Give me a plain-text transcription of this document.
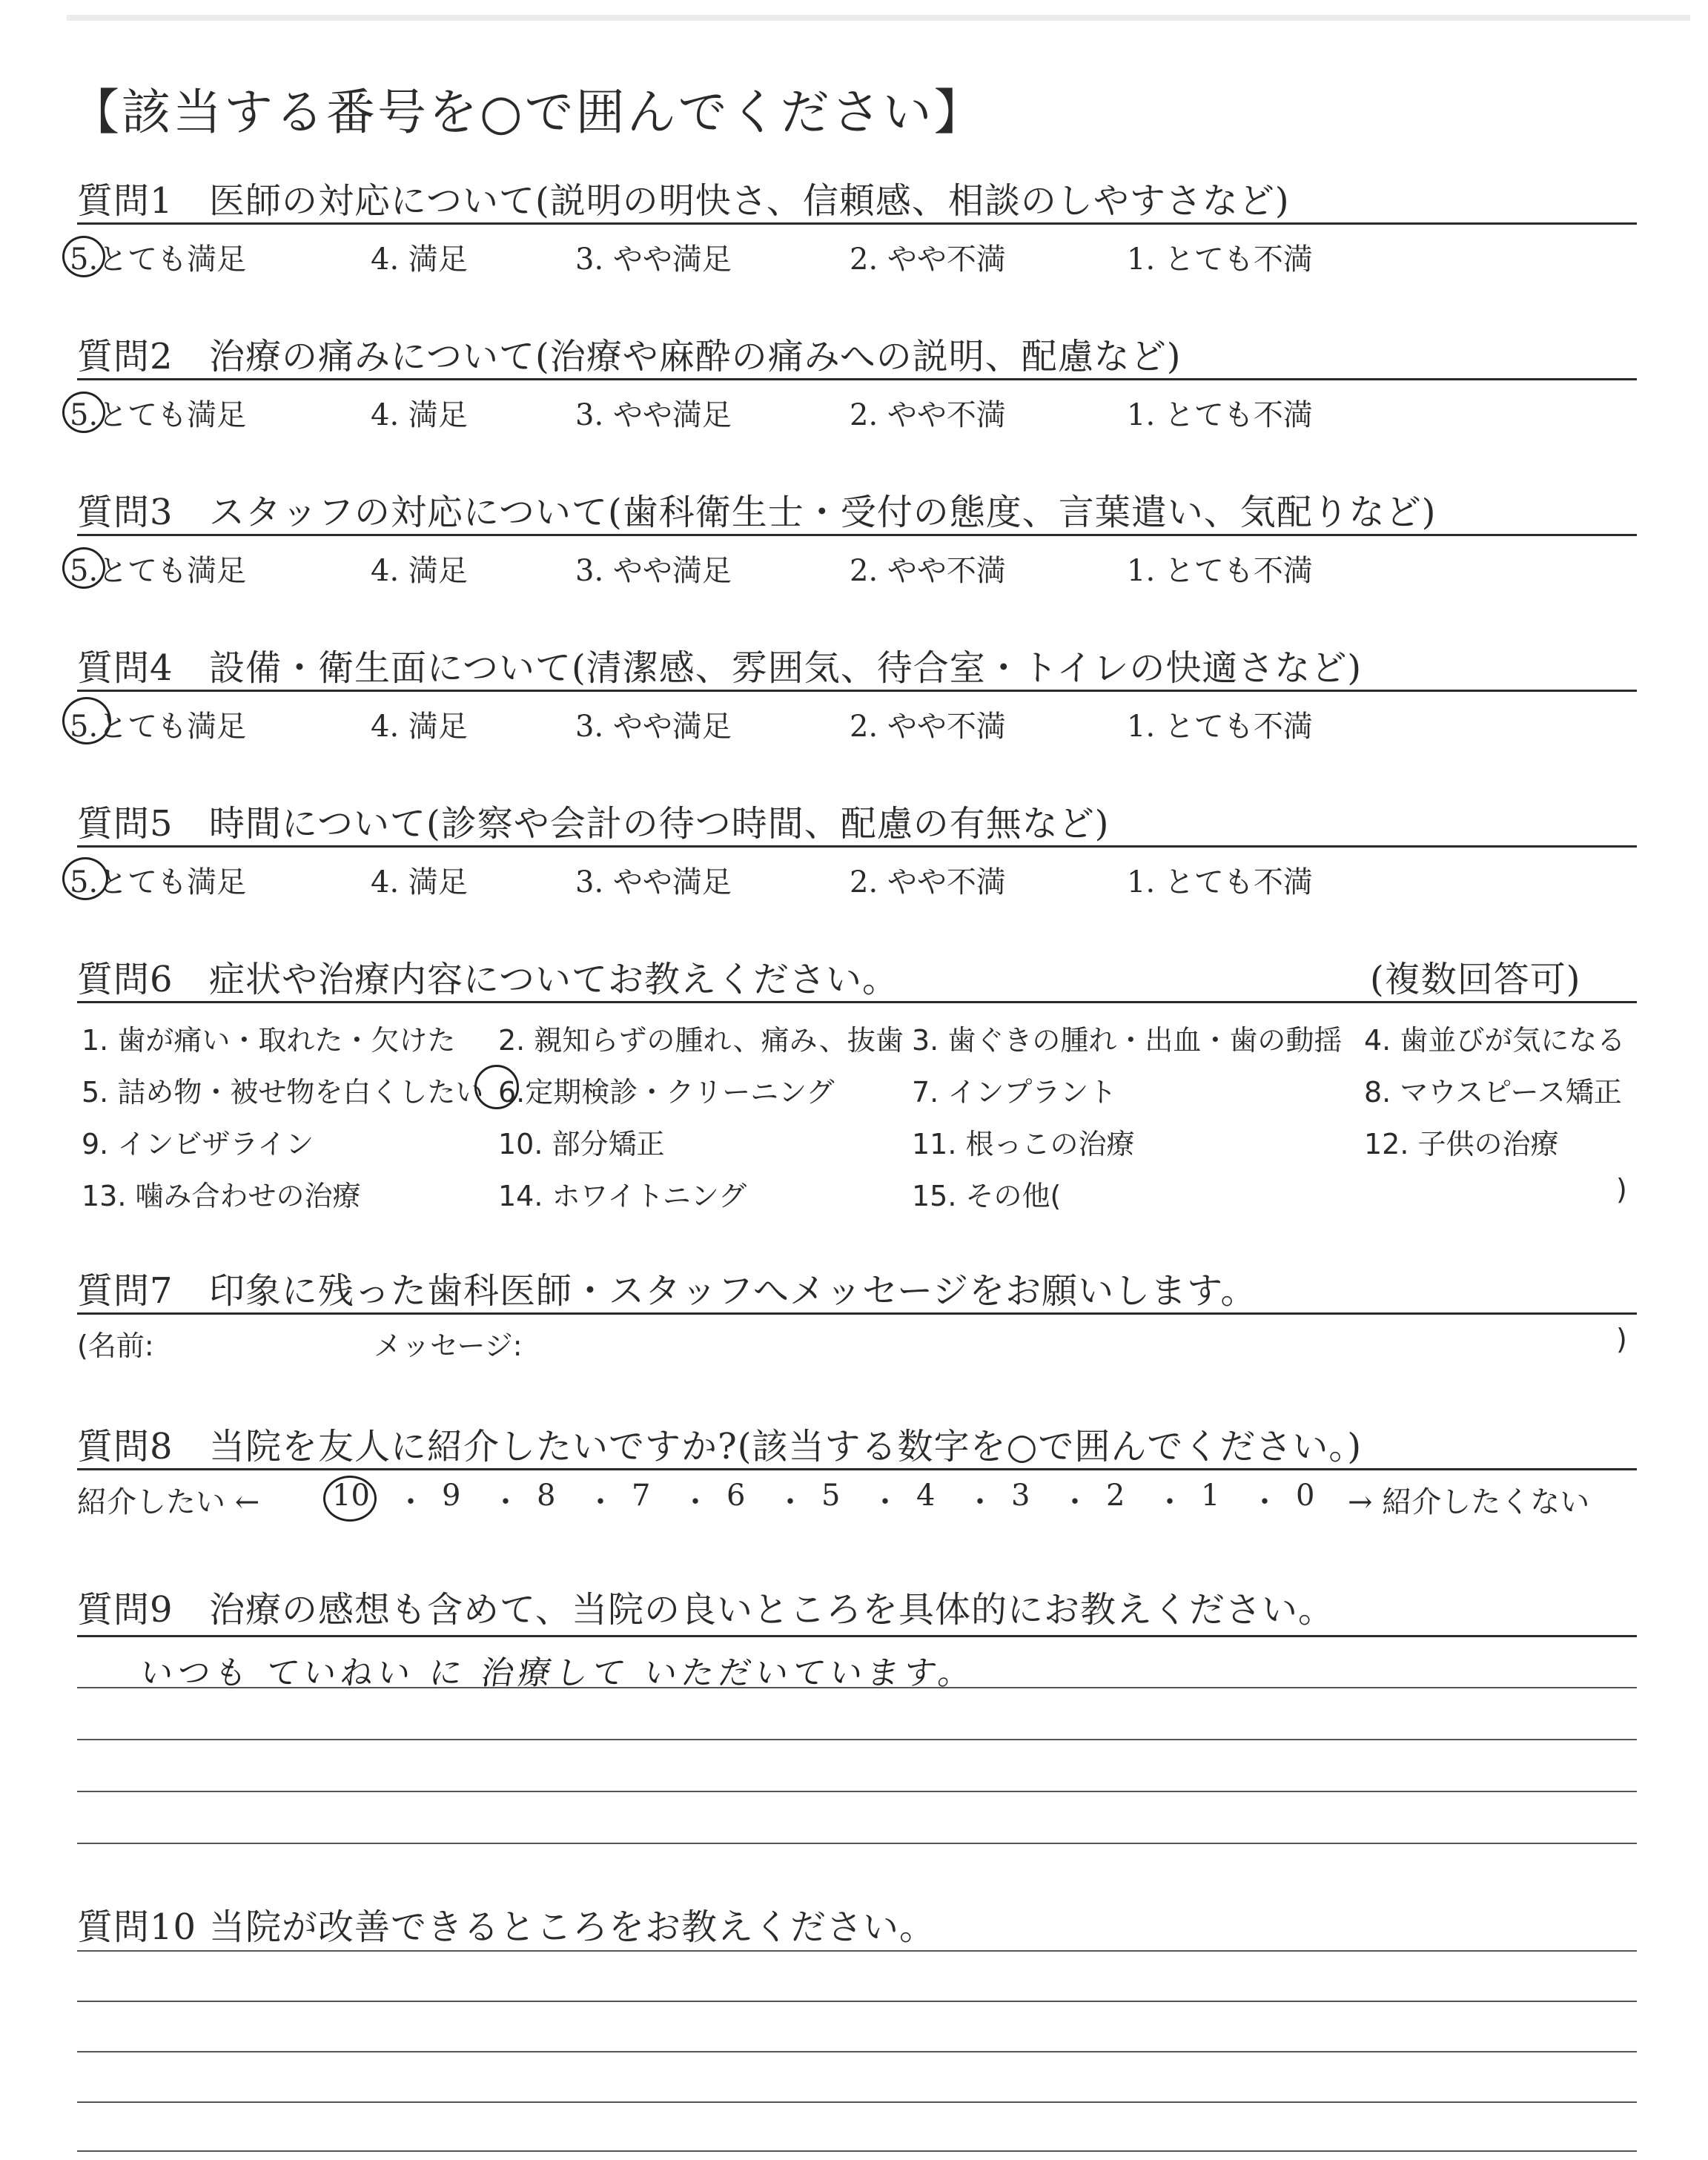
【該当する番号を○で囲んでください】
質問1 医師の対応について(説明の明快さ、信頼感、相談のしやすさなど)
5.とても満足	4. 満足	3. やや満足	2. やや不満	1. とても不満
質問2 治療の痛みについて(治療や麻酔の痛みへの説明、配慮など)
5.とても満足	4. 満足	3. やや満足	2. やや不満	1. とても不満
質問3 スタッフの対応について(歯科衛生士・受付の態度、言葉遣い、気配りなど)
5.とても満足	4. 満足	3. やや満足	2. やや不満	1. とても不満
質問4 設備・衛生面について(清潔感、雰囲気、待合室・トイレの快適さなど)
5.とても満足	4. 満足	3. やや満足	2. やや不満	1. とても不満
質問5 時間について(診察や会計の待つ時間、配慮の有無など)
5.とても満足	4. 満足	3. やや満足	2. やや不満	1. とても不満
質問6 症状や治療内容についてお教えください。	(複数回答可)
1. 歯が痛い・取れた・欠けた 2. 親知らずの腫れ、痛み、抜歯 3. 歯ぐきの腫れ・出血・歯の動揺 4. 歯並びが気になる
5. 詰め物・被せ物を白くしたい 6.定期検診・クリーニング	7. インプラント	8. マウスピース矯正
9. インビザライン	10. 部分矯正	11. 根っこの治療	12. 子供の治療
13. 噛み合わせの治療	14. ホワイトニング	15. その他(	)
質問7 印象に残った歯科医師・スタッフへメッセージをお願いします。
(名前:	メッセージ:	)
質問8 当院を友人に紹介したいですか?(該当する数字を○で囲んでください。)
紹介したい ← 10 ・ 9 ・ 8 ・ 7 ・ 6 ・ 5 ・ 4 ・ 3 ・ 2 ・ 1 ・ 0 → 紹介したくない
質問9 治療の感想も含めて、当院の良いところを具体的にお教えください。
いつも ていねい に 治療して いただいています。
質問10 当院が改善できるところをお教えください。
